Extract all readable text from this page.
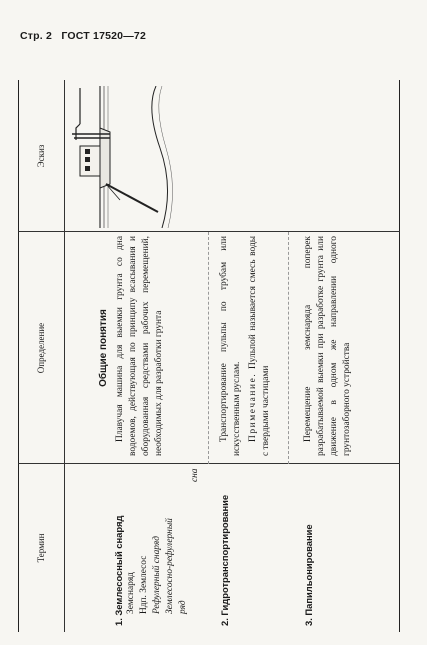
Стр. 2 ГОСТ 17520—72
Термин
Определение
Эскиз
Общие понятия
1. Землесосный снаряд Земснаряд Ндп. Землесос Рефулерный снаряд Землесосно-рефулерный ряд
сна

Плавучая машина для выемки грунта со дна водоемов, действующая по принципу всасывания и оборудованная средствами рабочих перемещений, необходимых для разработки грунта

2. Гидротранспортирование

Транспортирование пульпы по трубам или искусственным руслам. Примечание. Пульпой называется смесь воды с твердыми частицами

3. Папильонирование

Перемещение земснаряда поперек разрабатываемой выемки при разработке грунта или движение в одном же направлении одного грунтозаборного устройства
